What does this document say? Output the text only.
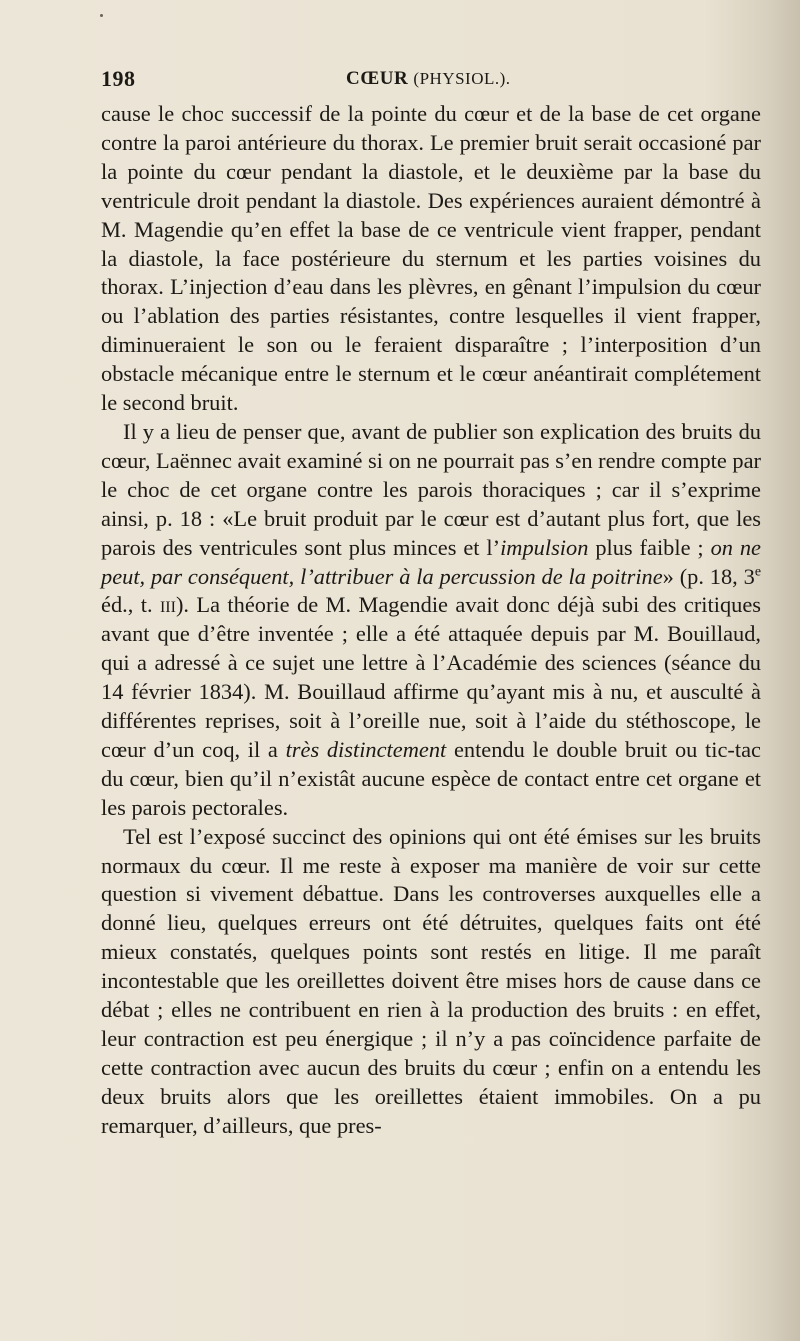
198	CŒUR (PHYSIOL.).

cause le choc successif de la pointe du cœur et de la base de cet organe contre la paroi antérieure du thorax. Le premier bruit serait occasioné par la pointe du cœur pendant la diastole, et le deuxième par la base du ventricule droit pendant la diastole. Des expériences auraient démontré à M. Magendie qu’en effet la base de ce ventricule vient frapper, pendant la diastole, la face postérieure du sternum et les parties voisines du thorax. L’injection d’eau dans les plèvres, en gênant l’impulsion du cœur ou l’ablation des parties résistantes, contre lesquelles il vient frapper, diminueraient le son ou le feraient disparaître ; l’interposition d’un obstacle mécanique entre le sternum et le cœur anéantirait complétement le second bruit.

Il y a lieu de penser que, avant de publier son explication des bruits du cœur, Laënnec avait examiné si on ne pourrait pas s’en rendre compte par le choc de cet organe contre les parois thoraciques ; car il s’exprime ainsi, p. 18 : «Le bruit produit par le cœur est d’autant plus fort, que les parois des ventricules sont plus minces et l’impulsion plus faible ; on ne peut, par conséquent, l’attribuer à la percussion de la poitrine» (p. 18, 3e éd., t. iii). La théorie de M. Magendie avait donc déjà subi des critiques avant que d’être inventée ; elle a été attaquée depuis par M. Bouillaud, qui a adressé à ce sujet une lettre à l’Académie des sciences (séance du 14 février 1834). M. Bouillaud affirme qu’ayant mis à nu, et ausculté à différentes reprises, soit à l’oreille nue, soit à l’aide du stéthoscope, le cœur d’un coq, il a très distinctement entendu le double bruit ou tic-tac du cœur, bien qu’il n’existât aucune espèce de contact entre cet organe et les parois pectorales.

Tel est l’exposé succinct des opinions qui ont été émises sur les bruits normaux du cœur. Il me reste à exposer ma manière de voir sur cette question si vivement débattue. Dans les controverses auxquelles elle a donné lieu, quelques erreurs ont été détruites, quelques faits ont été mieux constatés, quelques points sont restés en litige. Il me paraît incontestable que les oreillettes doivent être mises hors de cause dans ce débat ; elles ne contribuent en rien à la production des bruits : en effet, leur contraction est peu énergique ; il n’y a pas coïncidence parfaite de cette contraction avec aucun des bruits du cœur ; enfin on a entendu les deux bruits alors que les oreillettes étaient immobiles. On a pu remarquer, d’ailleurs, que pres-
